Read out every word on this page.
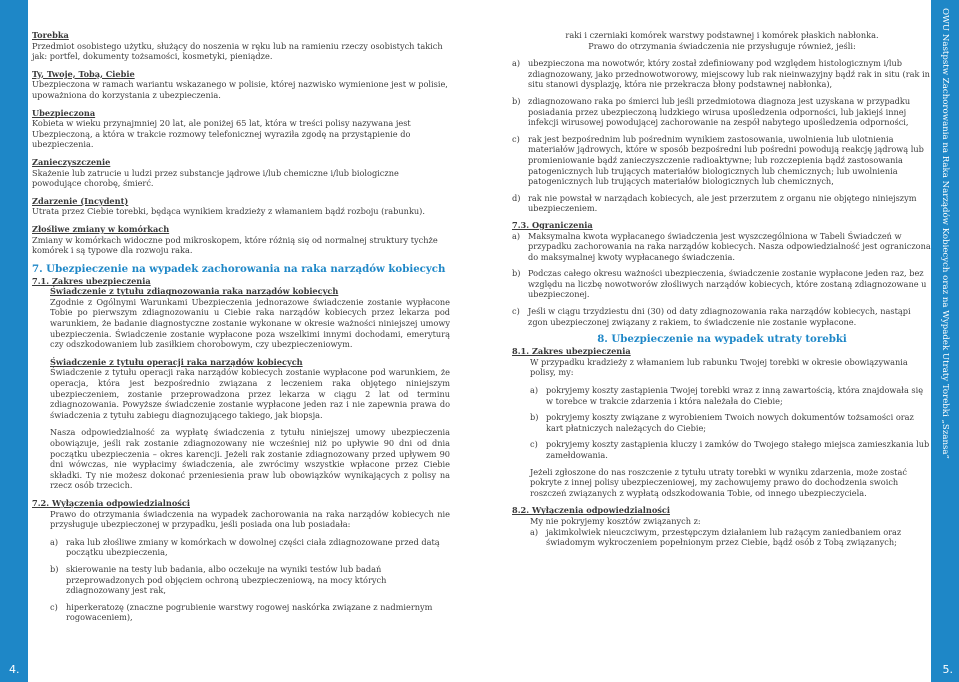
4.
OWU Nastpstw Zachorowania na Raka Narządów Kobiecych oraz na Wypadek Utraty Torebki „Szansa”
5.

Torebka

Przedmiot osobistego użytku, służący do noszenia w ręku lub na ramieniu rzeczy osobistych takich jak: portfel, dokumenty tożsamości, kosmetyki, pieniądze.

Ty, Twoje, Tobą, Ciebie

Ubezpieczona w ramach wariantu wskazanego w polisie, której nazwisko wymienione jest w polisie, upoważniona do korzystania z ubezpieczenia.

Ubezpieczona

Kobieta w wieku przynajmniej 20 lat, ale poniżej 65 lat, która w treści polisy nazywana jest Ubezpieczoną, a która w trakcie rozmowy telefonicznej wyraziła zgodę na przystąpienie do ubezpieczenia.

Zanieczyszczenie

Skażenie lub zatrucie u ludzi przez substancje jądrowe i/lub chemiczne i/lub biologiczne powodujące chorobę, śmierć.

Zdarzenie (Incydent)

Utrata przez Ciebie torebki, będąca wynikiem kradzieży z włamaniem bądź rozboju (rabunku).

Złośliwe zmiany w komórkach

Zmiany w komórkach widoczne pod mikroskopem, które różnią się od normalnej struktury tychże komórek i są typowe dla rozwoju raka.

7. Ubezpieczenie na wypadek zachorowania na raka narządów kobiecych

7.1. Zakres ubezpieczenia

Świadczenie z tytułu zdiagnozowania raka narządów kobiecych

Zgodnie z Ogólnymi Warunkami Ubezpieczenia jednorazowe świadczenie zostanie wypłacone Tobie po pierwszym zdiagnozowaniu u Ciebie raka narządów kobiecych przez lekarza pod warunkiem, że badanie diagnostyczne zostanie wykonane w okresie ważności niniejszej umowy ubezpieczenia. Świadczenie zostanie wypłacone poza wszelkimi innymi dochodami, emeryturą czy odszkodowaniem lub zasiłkiem chorobowym, czy ubezpieczeniowym.

Świadczenie z tytułu operacji raka narządów kobiecych

Świadczenie z tytułu operacji raka narządów kobiecych zostanie wypłacone pod warunkiem, że operacja, która jest bezpośrednio związana z leczeniem raka objętego niniejszym ubezpieczeniem, zostanie przeprowadzona przez lekarza w ciągu 2 lat od terminu zdiagnozowania. Powyższe świadczenie zostanie wypłacone jeden raz i nie zapewnia prawa do świadczenia z tytułu zabiegu diagnozującego takiego, jak biopsja.

Nasza odpowiedzialność za wypłatę świadczenia z tytułu niniejszej umowy ubezpieczenia obowiązuje, jeśli rak zostanie zdiagnozowany nie wcześniej niż po upływie 90 dni od dnia początku ubezpieczenia – okres karencji. Jeżeli rak zostanie zdiagnozowany przed upływem 90 dni wówczas, nie wypłacimy świadczenia, ale zwrócimy wszystkie wpłacone przez Ciebie składki. Ty nie możesz dokonać przeniesienia praw lub obowiązków wynikających z polisy na rzecz osób trzecich.

7.2. Wyłączenia odpowiedzialności

Prawo do otrzymania świadczenia na wypadek zachorowania na raka narządów kobiecych nie przysługuje ubezpieczonej w przypadku, jeśli posiada ona lub posiadała:

a) raka lub złośliwe zmiany w komórkach w dowolnej części ciała zdiagnozowane przed datą początku ubezpieczenia,
b) skierowanie na testy lub badania, albo oczekuje na wyniki testów lub badań przeprowadzonych pod objęciem ochroną ubezpieczeniową, na mocy których zdiagnozowany jest rak,
c)	hiperkeratozę (znaczne pogrubienie warstwy rogowej naskórka związane z nadmiernym rogowaceniem),

raki i czerniaki komórek warstwy podstawnej i komórek płaskich nabłonka.

Prawo do otrzymania świadczenia nie przysługuje również, jeśli:

a) ubezpieczona ma nowotwór, który został zdefiniowany pod względem histologicznym i/lub zdiagnozowany, jako przednowotworowy, miejscowy lub rak nieinwazyjny bądź rak in situ (rak in situ stanowi dysplazję, która nie przekracza błony podstawnej nabłonka),
b) zdiagnozowano raka po śmierci lub jeśli przedmiotowa diagnoza jest uzyskana w przypadku posiadania przez ubezpieczoną ludzkiego wirusa upośledzenia odporności, lub jakiejś innej infekcji wirusowej powodującej zachorowanie na zespół nabytego upośledzenia odporności,
c)	rak jest bezpośrednim lub pośrednim wynikiem zastosowania, uwolnienia lub ulotnienia materiałów jądrowych, które w sposób bezpośredni lub pośredni powodują reakcję jądrową lub promieniowanie bądź zanieczyszczenie radioaktywne; lub rozczepienia bądź zastosowania patogenicznych lub trujących materiałów biologicznych lub chemicznych; lub uwolnienia patogenicznych lub trujących materiałów biologicznych lub chemicznych,
d) rak nie powstał w narządach kobiecych, ale jest przerzutem z organu nie objętego niniejszym ubezpieczeniem.

7.3. Ograniczenia

a) Maksymalna kwota wypłacanego świadczenia jest wyszczególniona w Tabeli Świadczeń w przypadku zachorowania na raka narządów kobiecych. Nasza odpowiedzialność jest ograniczona do maksymalnej kwoty wypłacanego świadczenia.
b) Podczas całego okresu ważności ubezpieczenia, świadczenie zostanie wypłacone jeden raz, bez względu na liczbę nowotworów złośliwych narządów kobiecych, które zostaną zdiagnozowane u ubezpieczonej.
c)	Jeśli w ciągu trzydziestu dni (30) od daty zdiagnozowania raka narządów kobiecych, nastąpi zgon ubezpieczonej związany z rakiem, to świadczenie nie zostanie wypłacone.

8. Ubezpieczenie na wypadek utraty torebki

8.1. Zakres ubezpieczenia

W przypadku kradzieży z włamaniem lub rabunku Twojej torebki w okresie obowiązywania polisy, my:

a) pokryjemy koszty zastąpienia Twojej torebki wraz z inną zawartością, która znajdowała się w torebce w trakcie zdarzenia i która należała do Ciebie;
b) pokryjemy koszty związane z wyrobieniem Twoich nowych dokumentów tożsamości oraz kart płatniczych należących do Ciebie;
c)	pokryjemy koszty zastąpienia kluczy i zamków do Twojego stałego miejsca zamieszkania lub zamełdowania.

Jeżeli zgłoszone do nas roszczenie z tytułu utraty torebki w wyniku zdarzenia, może zostać pokryte z innej polisy ubezpieczeniowej, my zachowujemy prawo do dochodzenia swoich roszczeń związanych z wypłatą odszkodowania Tobie, od innego ubezpieczyciela.

8.2. Wyłączenia odpowiedzialności

My nie pokryjemy kosztów związanych z:

a) jakimkolwiek nieuczciwym, przestępczym działaniem lub rażącym zaniedbaniem oraz świadomym wykroczeniem popełnionym przez Ciebie, bądź osób z Tobą związanych;
